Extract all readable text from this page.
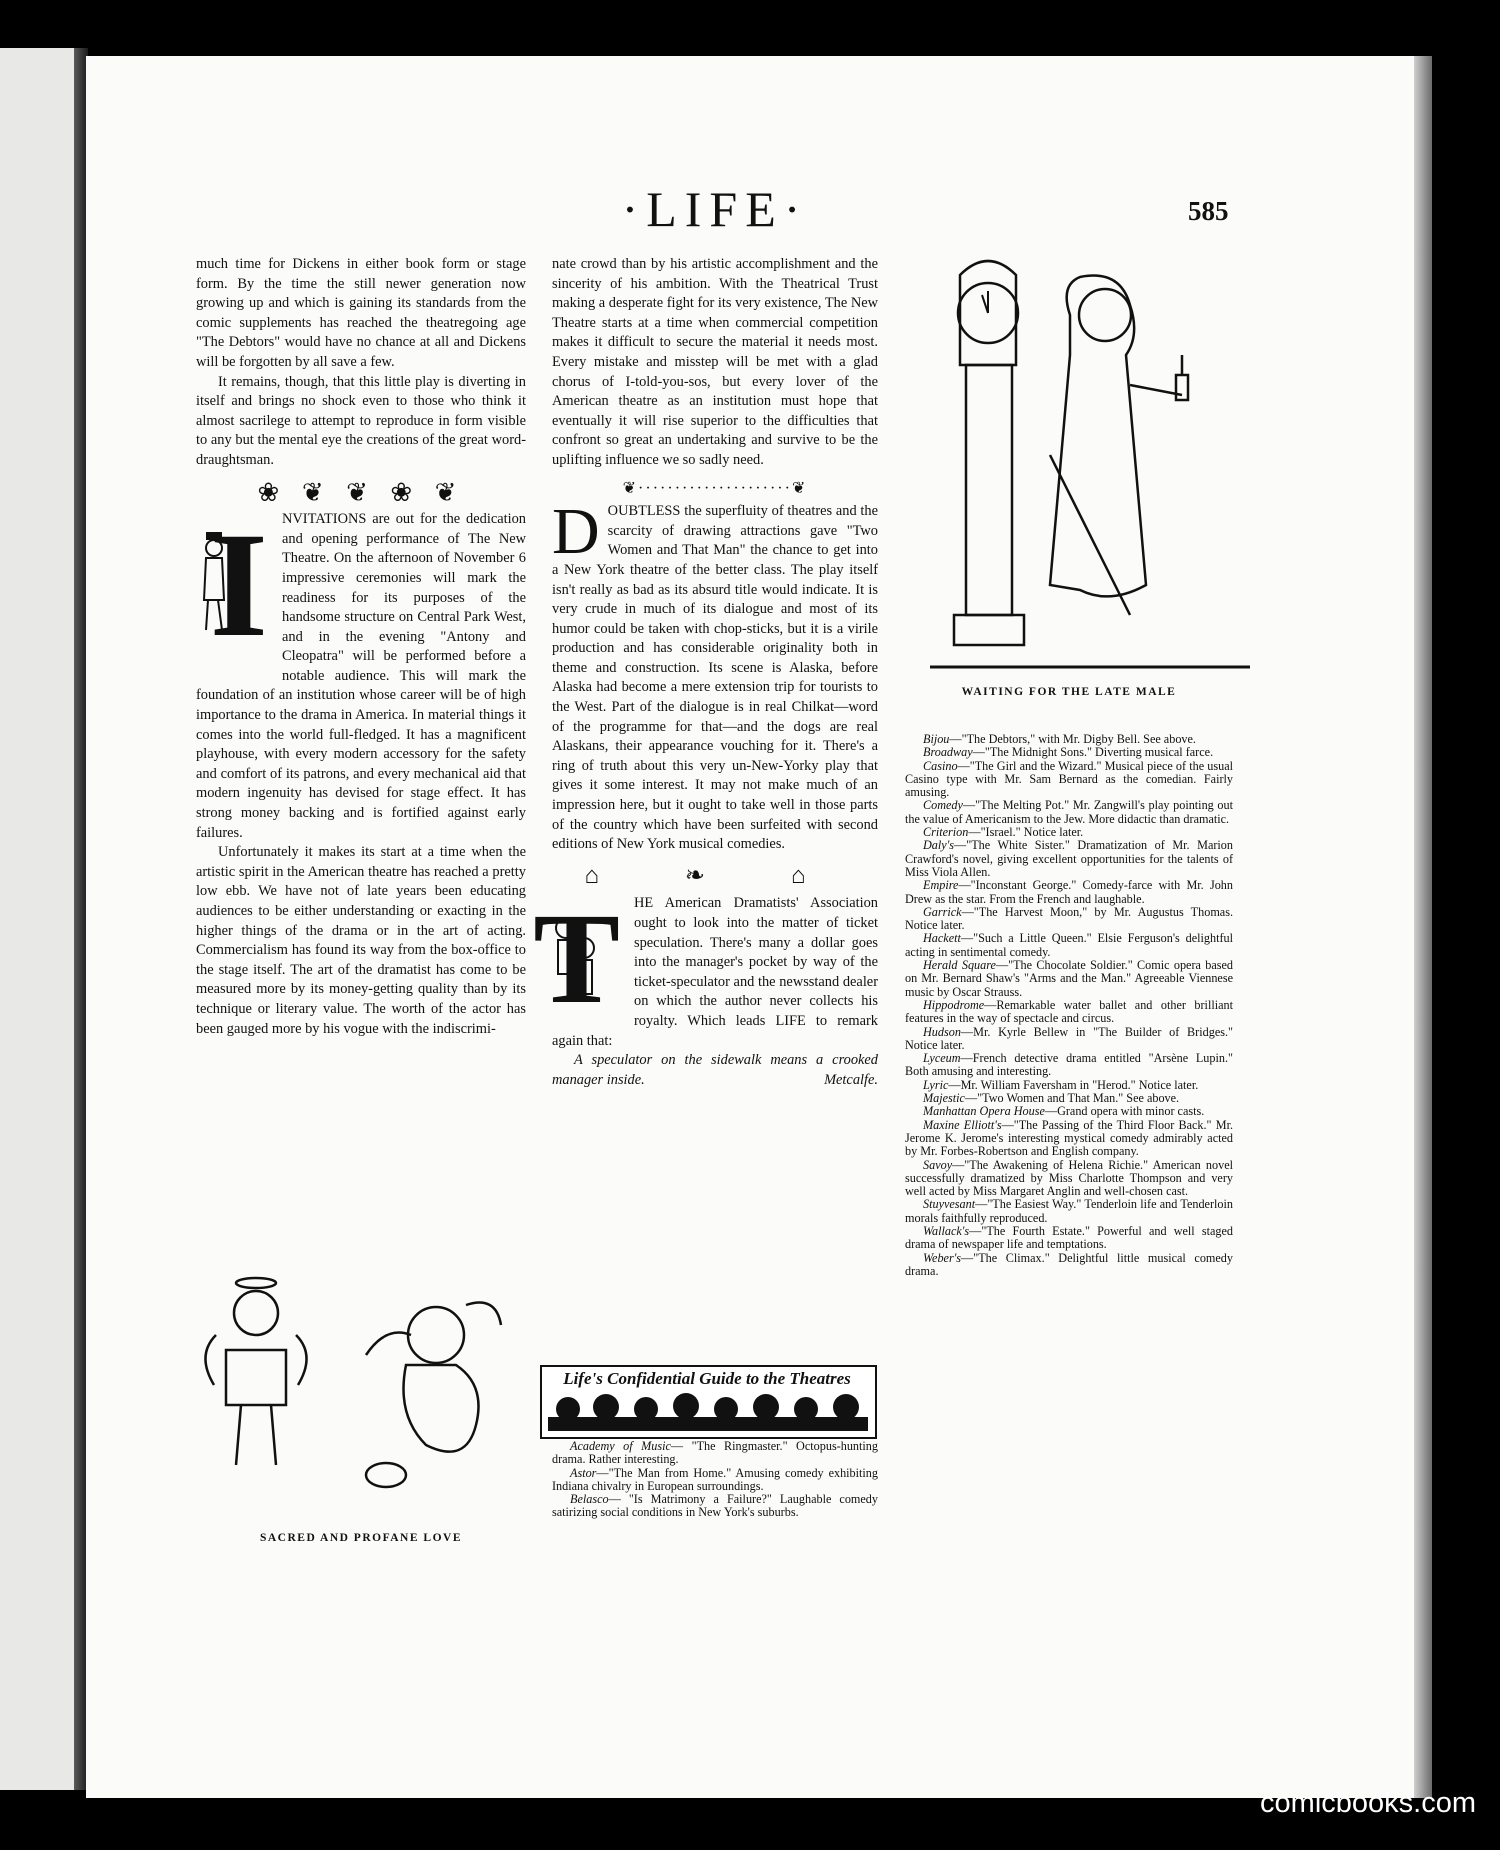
·LIFE·	585

much time for Dickens in either book form or stage form. By the time the still newer generation now growing up and which is gaining its standards from the comic supplements has reached the theatregoing age "The Debtors" would have no chance at all and Dickens will be forgotten by all save a few.

It remains, though, that this little play is diverting in itself and brings no shock even to those who think it almost sacrilege to attempt to reproduce in form visible to any but the mental eye the creations of the great word-draughtsman.

❀ ❦ ❦ ❀ ❦

I NVITATIONS are out for the dedication and opening performance of The New Theatre. On the afternoon of November 6 impressive ceremonies will mark the readiness for its purposes of the handsome structure on Central Park West, and in the evening "Antony and Cleopatra" will be performed before a notable audience. This will mark the foundation of an institution whose career will be of high importance to the drama in America. In material things it comes into the world full-fledged. It has a magnificent playhouse, with every modern accessory for the safety and comfort of its patrons, and every mechanical aid that modern ingenuity has devised for stage effect. It has strong money backing and is fortified against early failures.

Unfortunately it makes its start at a time when the artistic spirit in the American theatre has reached a pretty low ebb. We have not of late years been educating audiences to be either understanding or exacting in the higher things of the drama or in the art of acting. Commercialism has found its way from the box-office to the stage itself. The art of the dramatist has come to be measured more by its money-getting quality than by its technique or literary value. The worth of the actor has been gauged more by his vogue with the indiscrimi-

nate crowd than by his artistic accomplishment and the sincerity of his ambition. With the Theatrical Trust making a desperate fight for its very existence, The New Theatre starts at a time when commercial competition makes it difficult to secure the material it needs most. Every mistake and misstep will be met with a glad chorus of I-told-you-sos, but every lover of the American theatre as an institution must hope that eventually it will rise superior to the difficulties that confront so great an undertaking and survive to be the uplifting influence we so sadly need.

❦·····················❦

DOUBTLESS the superfluity of theatres and the scarcity of drawing attractions gave "Two Women and That Man" the chance to get into a New York theatre of the better class. The play itself isn't really as bad as its absurd title would indicate. It is very crude in much of its dialogue and most of its humor could be taken with chop-sticks, but it is a virile production and has considerable originality both in theme and construction. Its scene is Alaska, before Alaska had become a mere extension trip for tourists to the West. Part of the dialogue is in real Chilkat—word of the programme for that—and the dogs are real Alaskans, their appearance vouching for it. There's a ring of truth about this very un-New-Yorky play that gives it some interest. It may not make much of an impression here, but it ought to take well in those parts of the country which have been surfeited with second editions of New York musical comedies.

⌂ ❧ ⌂

T HE American Dramatists' Association ought to look into the matter of ticket speculation. There's many a dollar goes into the manager's pocket by way of the ticket-speculator and the newsstand dealer on which the author never collects his royalty. Which leads LIFE to remark again that:

A speculator on the sidewalk means a crooked manager inside.	Metcalfe.

Life's Confidential Guide to the Theatres

Academy of Music— "The Ringmaster." Octopus-hunting drama. Rather interesting.

Astor—"The Man from Home." Amusing comedy exhibiting Indiana chivalry in European surroundings.

Belasco— "Is Matrimony a Failure?" Laughable comedy satirizing social conditions in New York's suburbs.

WAITING FOR THE LATE MALE

Bijou—"The Debtors," with Mr. Digby Bell. See above.

Broadway—"The Midnight Sons." Diverting musical farce.

Casino—"The Girl and the Wizard." Musical piece of the usual Casino type with Mr. Sam Bernard as the comedian. Fairly amusing.

Comedy—"The Melting Pot." Mr. Zangwill's play pointing out the value of Americanism to the Jew. More didactic than dramatic.

Criterion—"Israel." Notice later.

Daly's—"The White Sister." Dramatization of Mr. Marion Crawford's novel, giving excellent opportunities for the talents of Miss Viola Allen.

Empire—"Inconstant George." Comedy-farce with Mr. John Drew as the star. From the French and laughable.

Garrick—"The Harvest Moon," by Mr. Augustus Thomas. Notice later.

Hackett—"Such a Little Queen." Elsie Ferguson's delightful acting in sentimental comedy.

Herald Square—"The Chocolate Soldier." Comic opera based on Mr. Bernard Shaw's "Arms and the Man." Agreeable Viennese music by Oscar Strauss.

Hippodrome—Remarkable water ballet and other brilliant features in the way of spectacle and circus.

Hudson—Mr. Kyrle Bellew in "The Builder of Bridges." Notice later.

Lyceum—French detective drama entitled "Arsène Lupin." Both amusing and interesting.

Lyric—Mr. William Faversham in "Herod." Notice later.

Majestic—"Two Women and That Man." See above.

Manhattan Opera House—Grand opera with minor casts.

Maxine Elliott's—"The Passing of the Third Floor Back." Mr. Jerome K. Jerome's interesting mystical comedy admirably acted by Mr. Forbes-Robertson and English company.

Savoy—"The Awakening of Helena Richie." American novel successfully dramatized by Miss Charlotte Thompson and very well acted by Miss Margaret Anglin and well-chosen cast.

Stuyvesant—"The Easiest Way." Tenderloin life and Tenderloin morals faithfully reproduced.

Wallack's—"The Fourth Estate." Powerful and well staged drama of newspaper life and temptations.

Weber's—"The Climax." Delightful little musical comedy drama.

SACRED AND PROFANE LOVE
comicbooks.com
